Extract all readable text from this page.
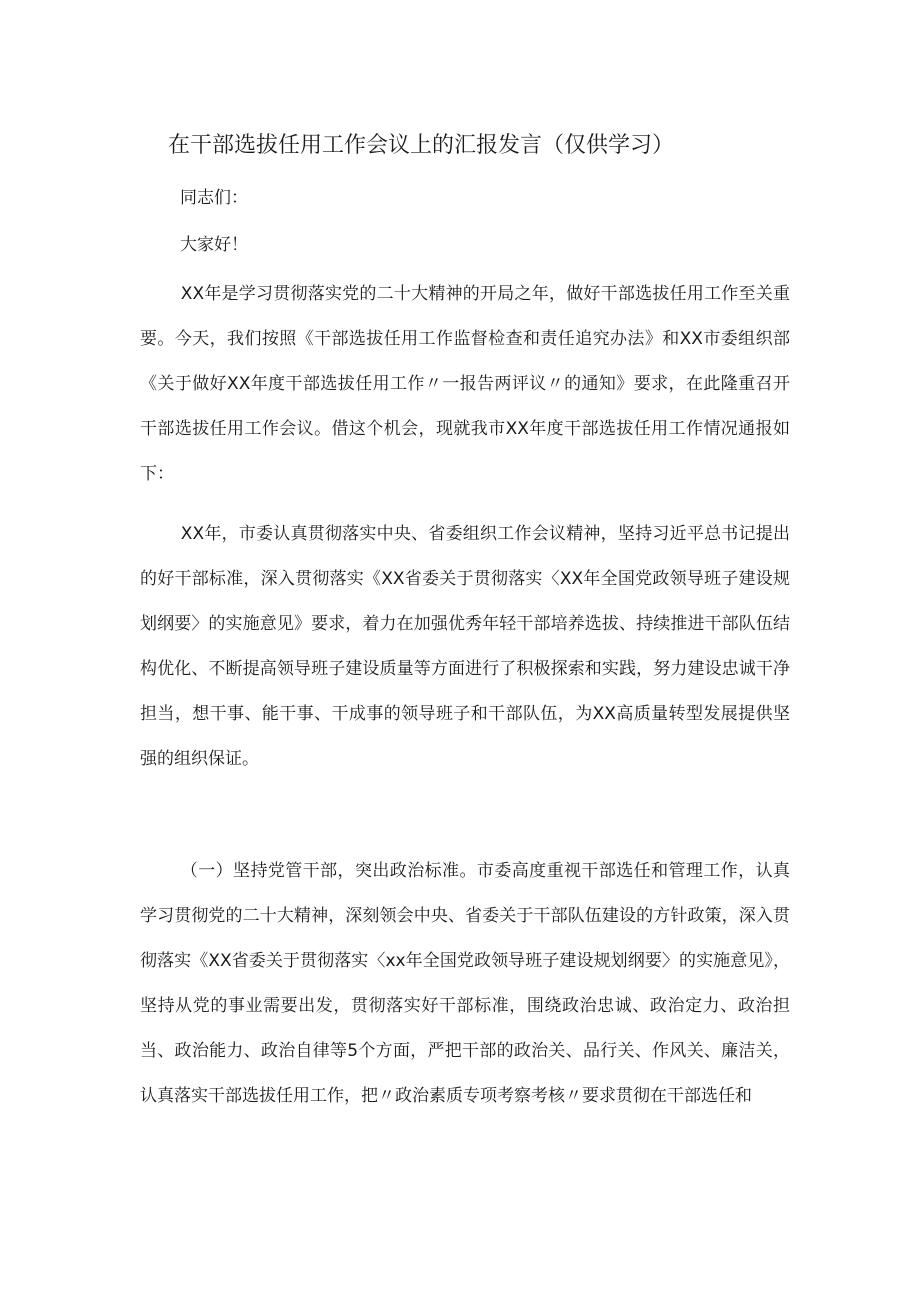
在干部选拔任用工作会议上的汇报发言（仅供学习）
同志们：
大家好！
XX年是学习贯彻落实党的二十大精神的开局之年，做好干部选拔任用工作至关重要。今天，我们按照《干部选拔任用工作监督检查和责任追究办法》和XX市委组织部《关于做好XX年度干部选拔任用工作〃一报告两评议〃的通知》要求，在此隆重召开干部选拔任用工作会议。借这个机会，现就我市XX年度干部选拔任用工作情况通报如下：
XX年，市委认真贯彻落实中央、省委组织工作会议精神，坚持习近平总书记提出的好干部标准，深入贯彻落实《XX省委关于贯彻落实〈XX年全国党政领导班子建设规划纲要〉的实施意见》要求，着力在加强优秀年轻干部培养选拔、持续推进干部队伍结构优化、不断提高领导班子建设质量等方面进行了积极探索和实践，努力建设忠诚干净担当，想干事、能干事、干成事的领导班子和干部队伍，为XX高质量转型发展提供坚强的组织保证。
（一）坚持党管干部，突出政治标准。市委高度重视干部选任和管理工作，认真学习贯彻党的二十大精神，深刻领会中央、省委关于干部队伍建设的方针政策，深入贯彻落实《XX省委关于贯彻落实〈xx年全国党政领导班子建设规划纲要〉的实施意见》，坚持从党的事业需要出发，贯彻落实好干部标准，围绕政治忠诚、政治定力、政治担当、政治能力、政治自律等5个方面，严把干部的政治关、品行关、作风关、廉洁关，认真落实干部选拔任用工作，把〃政治素质专项考察考核〃要求贯彻在干部选任和
